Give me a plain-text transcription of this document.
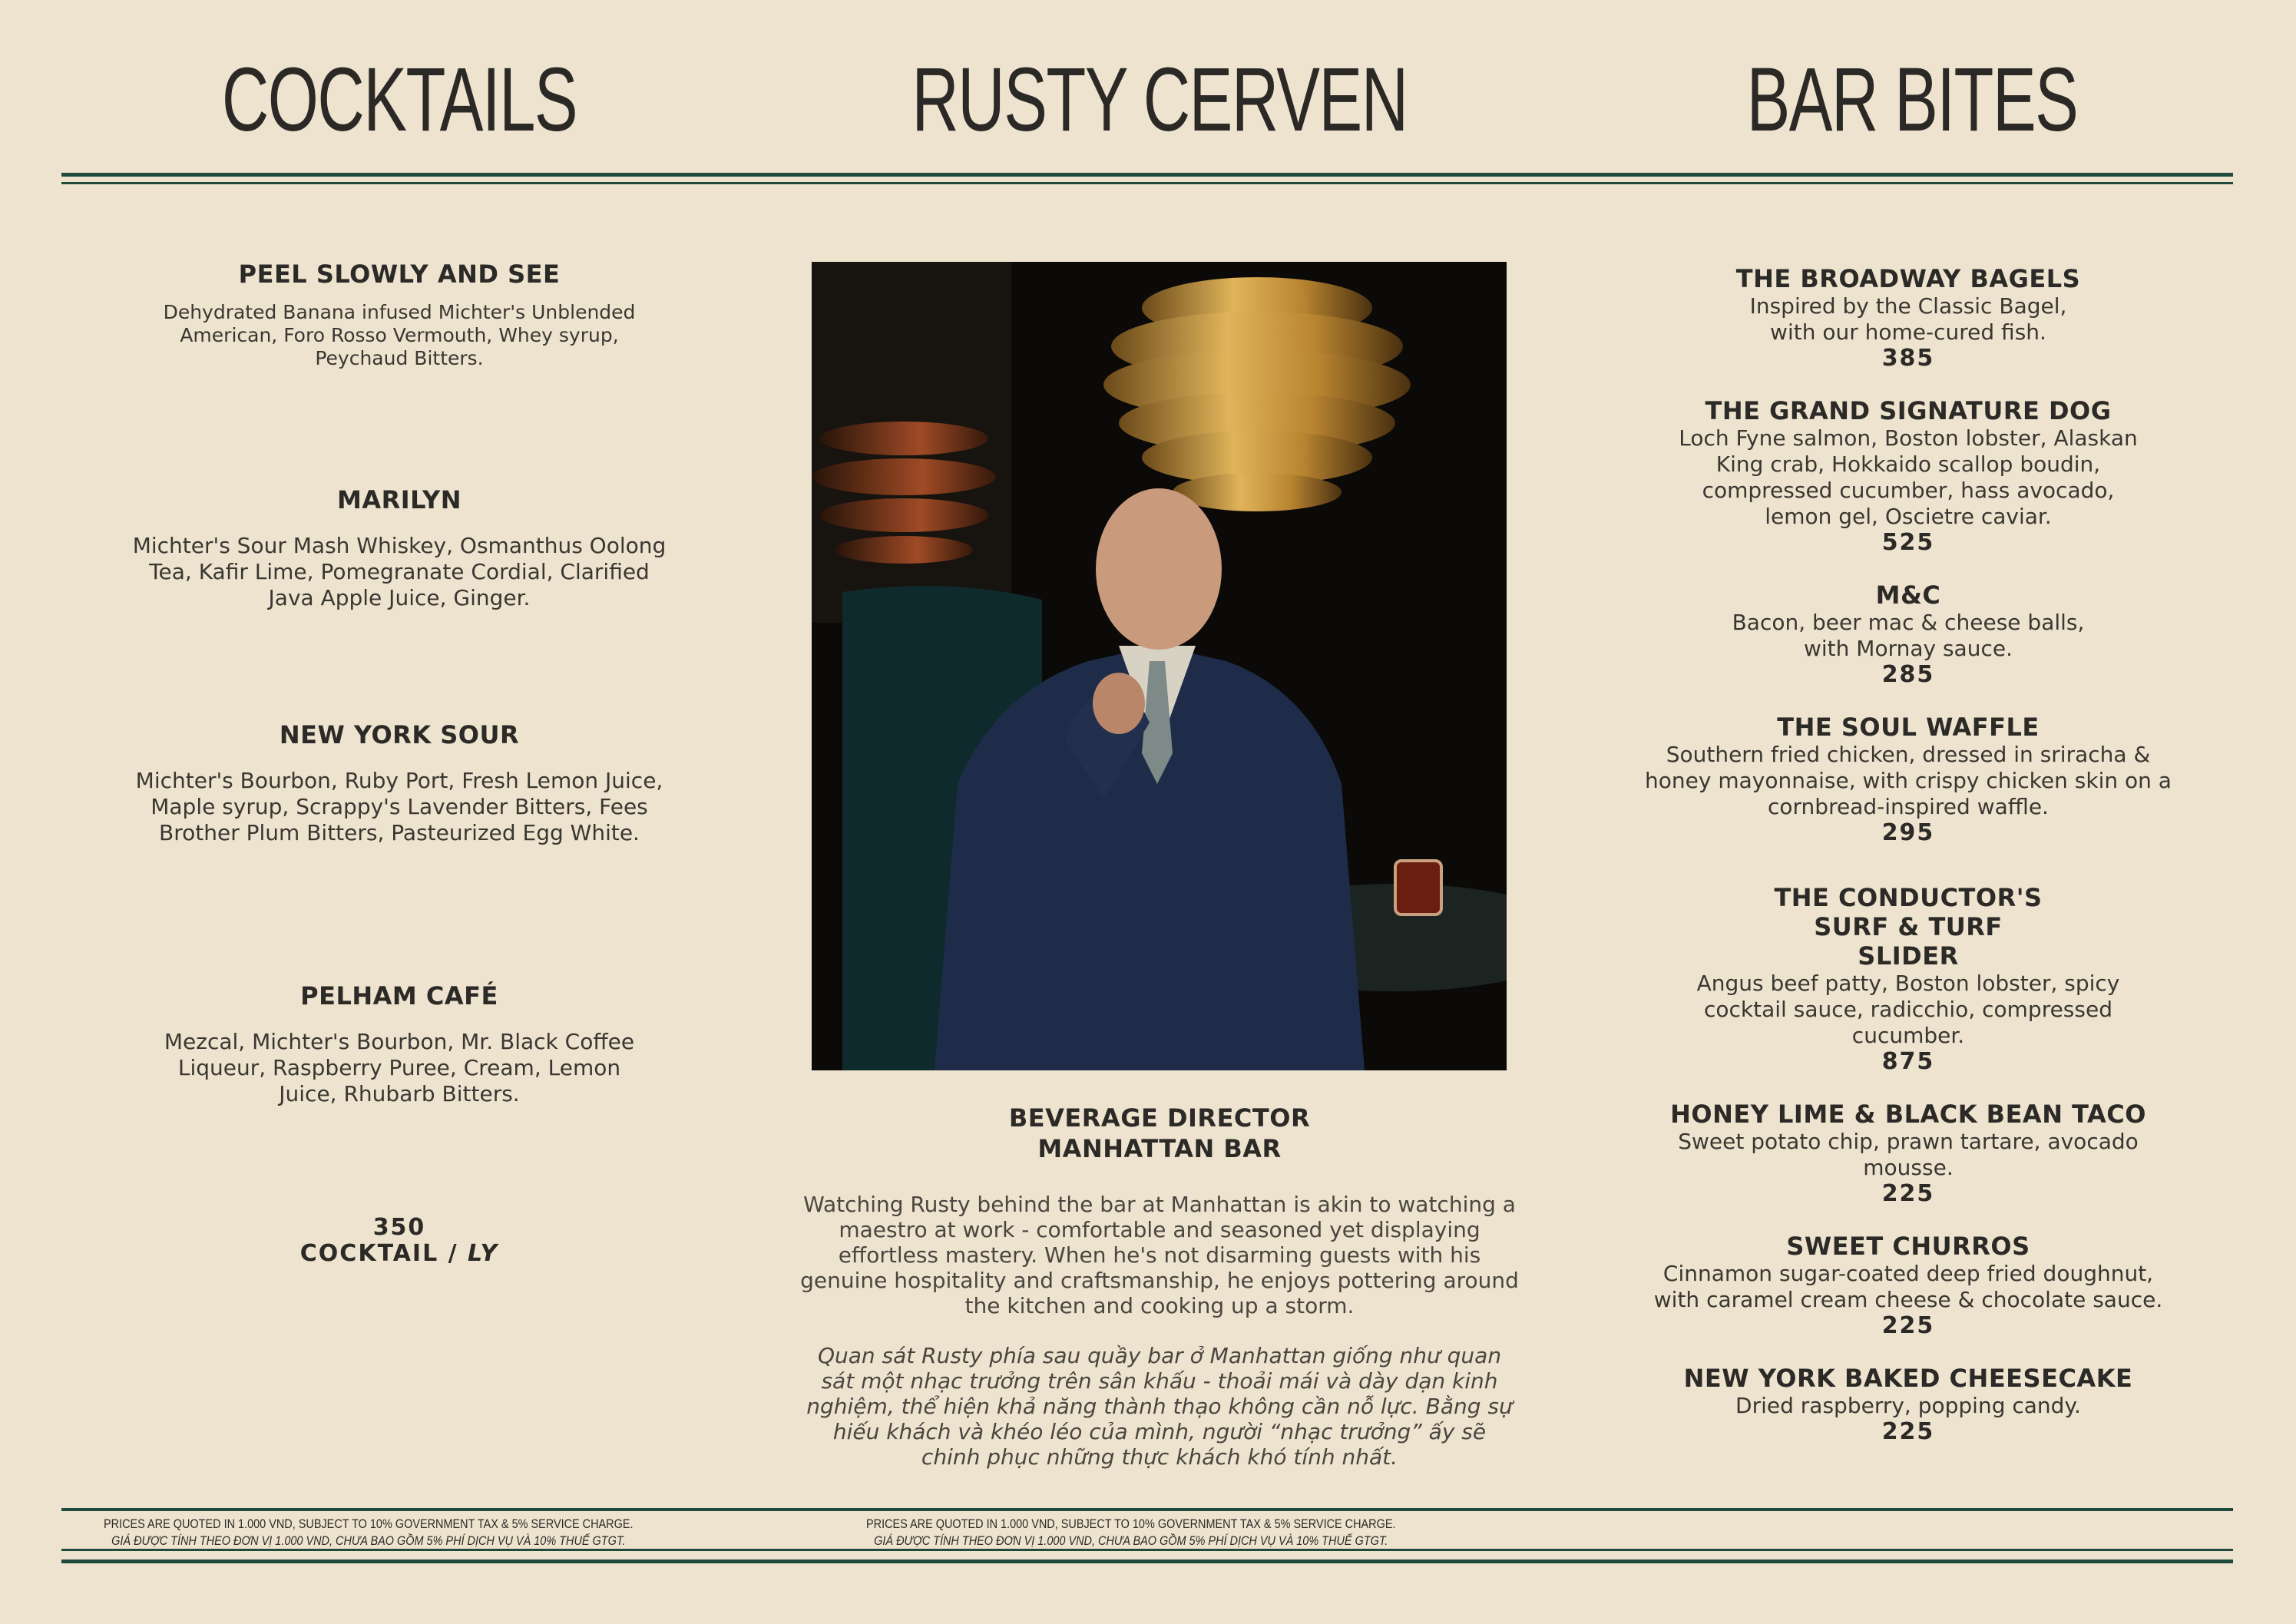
COCKTAILS	RUSTY CERVEN	BAR BITES
PEEL SLOWLY AND SEE
Dehydrated Banana infused Michter's Unblended American, Foro Rosso Vermouth, Whey syrup, Peychaud Bitters.
MARILYN
Michter's Sour Mash Whiskey, Osmanthus Oolong Tea, Kafir Lime, Pomegranate Cordial, Clarified Java Apple Juice, Ginger.
NEW YORK SOUR
Michter's Bourbon, Ruby Port, Fresh Lemon Juice, Maple syrup, Scrappy's Lavender Bitters, Fees Brother Plum Bitters, Pasteurized Egg White.
PELHAM CAFÉ
Mezcal, Michter's Bourbon, Mr. Black Coffee Liqueur, Raspberry Puree, Cream, Lemon Juice, Rhubarb Bitters.
350
COCKTAIL / LY
BEVERAGE DIRECTOR
MANHATTAN BAR
Watching Rusty behind the bar at Manhattan is akin to watching a maestro at work - comfortable and seasoned yet displaying effortless mastery. When he's not disarming guests with his genuine hospitality and craftsmanship, he enjoys pottering around the kitchen and cooking up a storm.
Quan sát Rusty phía sau quầy bar ở Manhattan giống như quan sát một nhạc trưởng trên sân khấu - thoải mái và dày dạn kinh nghiệm, thể hiện khả năng thành thạo không cần nỗ lực. Bằng sự hiếu khách và khéo léo của mình, người “nhạc trưởng” ấy sẽ chinh phục những thực khách khó tính nhất.
THE BROADWAY BAGELS
Inspired by the Classic Bagel, with our home-cured fish.
385
THE GRAND SIGNATURE DOG
Loch Fyne salmon, Boston lobster, Alaskan King crab, Hokkaido scallop boudin, compressed cucumber, hass avocado, lemon gel, Oscietre caviar.
525
M&C
Bacon, beer mac & cheese balls, with Mornay sauce.
285
THE SOUL WAFFLE
Southern fried chicken, dressed in sriracha & honey mayonnaise, with crispy chicken skin on a cornbread-inspired waffle.
295
THE CONDUCTOR'S SURF & TURF SLIDER
Angus beef patty, Boston lobster, spicy cocktail sauce, radicchio, compressed cucumber.
875
HONEY LIME & BLACK BEAN TACO
Sweet potato chip, prawn tartare, avocado mousse.
225
SWEET CHURROS
Cinnamon sugar-coated deep fried doughnut, with caramel cream cheese & chocolate sauce.
225
NEW YORK BAKED CHEESECAKE
Dried raspberry, popping candy.
225
PRICES ARE QUOTED IN 1.000 VND, SUBJECT TO 10% GOVERNMENT TAX & 5% SERVICE CHARGE.
GIÁ ĐƯỢC TÍNH THEO ĐƠN VỊ 1.000 VND, CHƯA BAO GỒM 5% PHÍ DỊCH VỤ VÀ 10% THUẾ GTGT.
PRICES ARE QUOTED IN 1.000 VND, SUBJECT TO 10% GOVERNMENT TAX & 5% SERVICE CHARGE.
GIÁ ĐƯỢC TÍNH THEO ĐƠN VỊ 1.000 VND, CHƯA BAO GỒM 5% PHÍ DỊCH VỤ VÀ 10% THUẾ GTGT.
